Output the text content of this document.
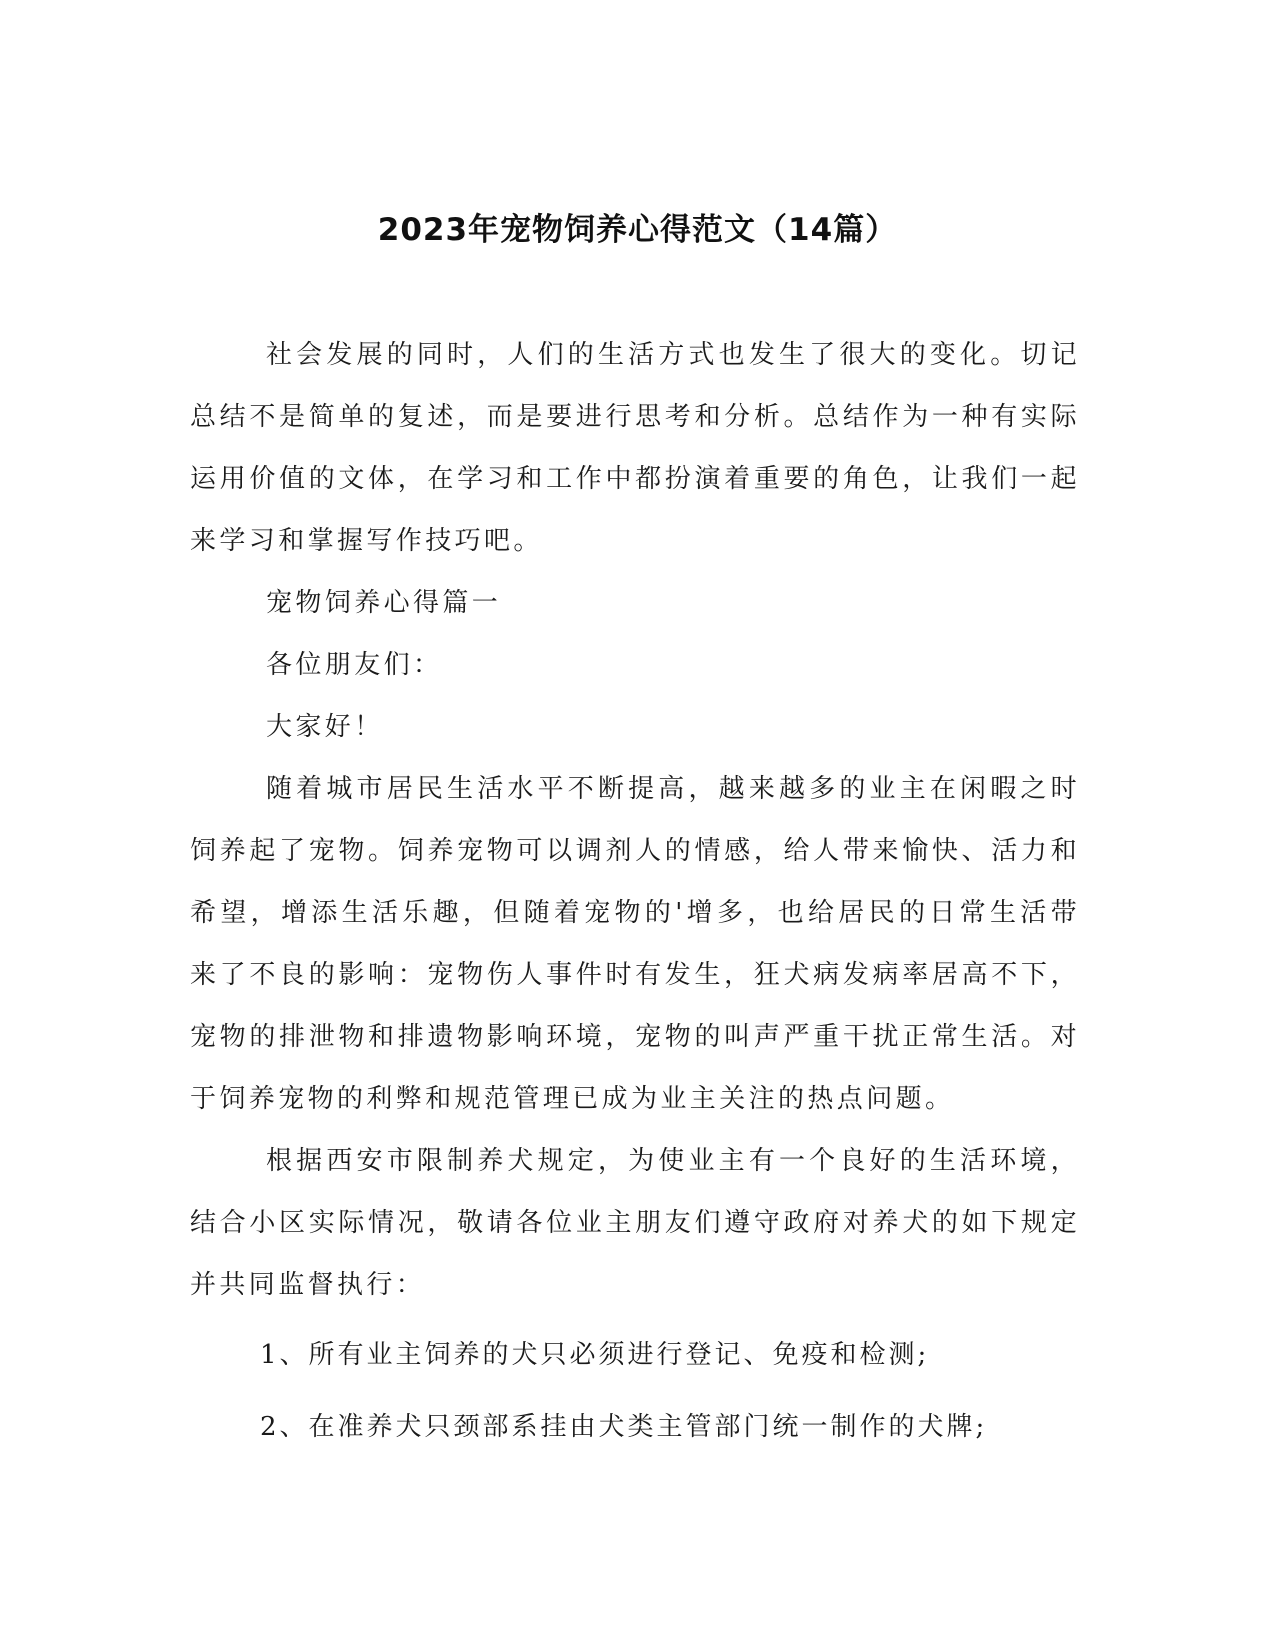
2023年宠物饲养心得范文（14篇）

社会发展的同时，人们的生活方式也发生了很大的变化。切记总结不是简单的复述，而是要进行思考和分析。总结作为一种有实际运用价值的文体，在学习和工作中都扮演着重要的角色，让我们一起来学习和掌握写作技巧吧。

宠物饲养心得篇一

各位朋友们：

大家好！

随着城市居民生活水平不断提高，越来越多的业主在闲暇之时饲养起了宠物。饲养宠物可以调剂人的情感，给人带来愉快、活力和希望，增添生活乐趣，但随着宠物的'增多，也给居民的日常生活带来了不良的影响：宠物伤人事件时有发生，狂犬病发病率居高不下，宠物的排泄物和排遗物影响环境，宠物的叫声严重干扰正常生活。对于饲养宠物的利弊和规范管理已成为业主关注的热点问题。

根据西安市限制养犬规定，为使业主有一个良好的生活环境，结合小区实际情况，敬请各位业主朋友们遵守政府对养犬的如下规定并共同监督执行：

1、所有业主饲养的犬只必须进行登记、免疫和检测;

2、在准养犬只颈部系挂由犬类主管部门统一制作的犬牌;
